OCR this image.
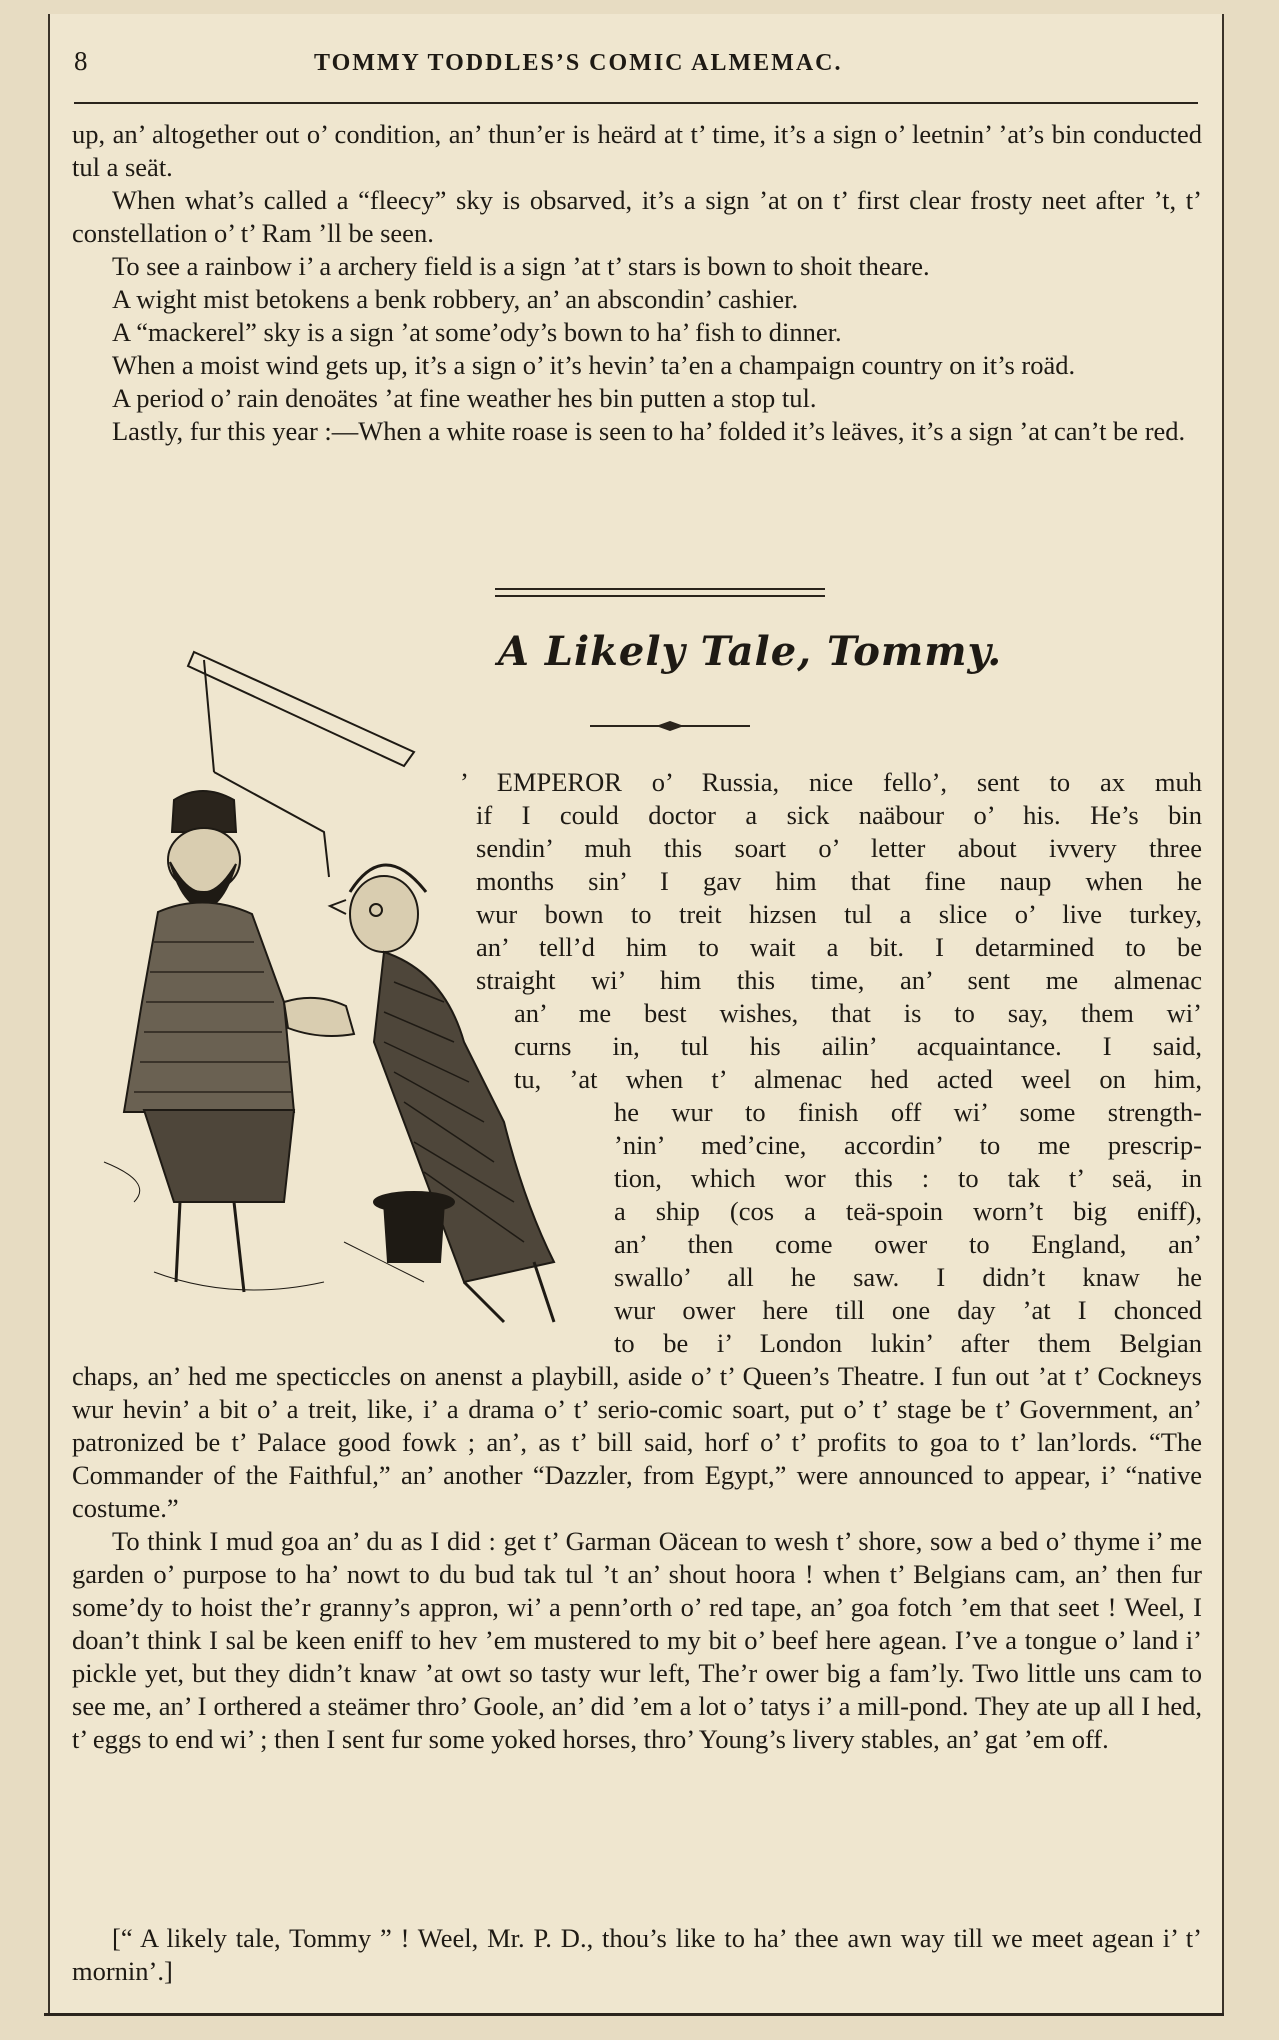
8	TOMMY TODDLES’S COMIC ALMEMAC.

up, an’ altogether out o’ condition, an’ thun’er is heärd at t’ time, it’s a sign o’ leetnin’ ’at’s bin conducted tul a seät.

When what’s called a “fleecy” sky is obsarved, it’s a sign ’at on t’ first clear frosty neet after ’t, t’ constellation o’ t’ Ram ’ll be seen.

To see a rainbow i’ a archery field is a sign ’at t’ stars is bown to shoit theare.

A wight mist betokens a benk robbery, an’ an abscondin’ cashier.

A “mackerel” sky is a sign ’at some’ody’s bown to ha’ fish to dinner.

When a moist wind gets up, it’s a sign o’ it’s hevin’ ta’en a champaign country on it’s roäd.

A period o’ rain denoätes ’at fine weather hes bin putten a stop tul.

Lastly, fur this year :—When a white roase is seen to ha’ folded it’s leäves, it’s a sign ’at can’t be red.

A Likely Tale, Tommy.
’ EMPEROR o’ Russia, nice fello’, sent to ax muh
if I could doctor a sick naäbour o’ his. He’s bin
sendin’ muh this soart o’ letter about ivvery three
months sin’ I gav him that fine naup when he
wur bown to treit hizsen tul a slice o’ live turkey,
an’ tell’d him to wait a bit. I detarmined to be
straight wi’ him this time, an’ sent me almenac
an’ me best wishes, that is to say, them wi’
curns in, tul his ailin’ acquaintance. I said,
tu, ’at when t’ almenac hed acted weel on him,
he wur to finish off wi’ some strength-
’nin’ med’cine, accordin’ to me prescrip-
tion, which wor this : to tak t’ seä, in
a ship (cos a teä-spoin worn’t big eniff),
an’ then come ower to England, an’
swallo’ all he saw. I didn’t knaw he
wur ower here till one day ’at I chonced
to be i’ London lukin’ after them Belgian

chaps, an’ hed me specticcles on anenst a playbill, aside o’ t’ Queen’s Theatre. I fun out ’at t’ Cockneys wur hevin’ a bit o’ a treit, like, i’ a drama o’ t’ serio-comic soart, put o’ t’ stage be t’ Government, an’ patronized be t’ Palace good fowk ; an’, as t’ bill said, horf o’ t’ profits to goa to t’ lan’lords. “The Commander of the Faithful,” an’ another “Dazzler, from Egypt,” were announced to appear, i’ “native costume.”

To think I mud goa an’ du as I did : get t’ Garman Oäcean to wesh t’ shore, sow a bed o’ thyme i’ me garden o’ purpose to ha’ nowt to du bud tak tul ’t an’ shout hoora ! when t’ Belgians cam, an’ then fur some’dy to hoist the’r granny’s appron, wi’ a penn’orth o’ red tape, an’ goa fotch ’em that seet ! Weel, I doan’t think I sal be keen eniff to hev ’em mustered to my bit o’ beef here agean. I’ve a tongue o’ land i’ pickle yet, but they didn’t knaw ’at owt so tasty wur left, The’r ower big a fam’ly. Two little uns cam to see me, an’ I orthered a steämer thro’ Goole, an’ did ’em a lot o’ tatys i’ a mill-pond. They ate up all I hed, t’ eggs to end wi’ ; then I sent fur some yoked horses, thro’ Young’s livery stables, an’ gat ’em off.

[“ A likely tale, Tommy ” ! Weel, Mr. P. D., thou’s like to ha’ thee awn way till we meet agean i’ t’ mornin’.]
